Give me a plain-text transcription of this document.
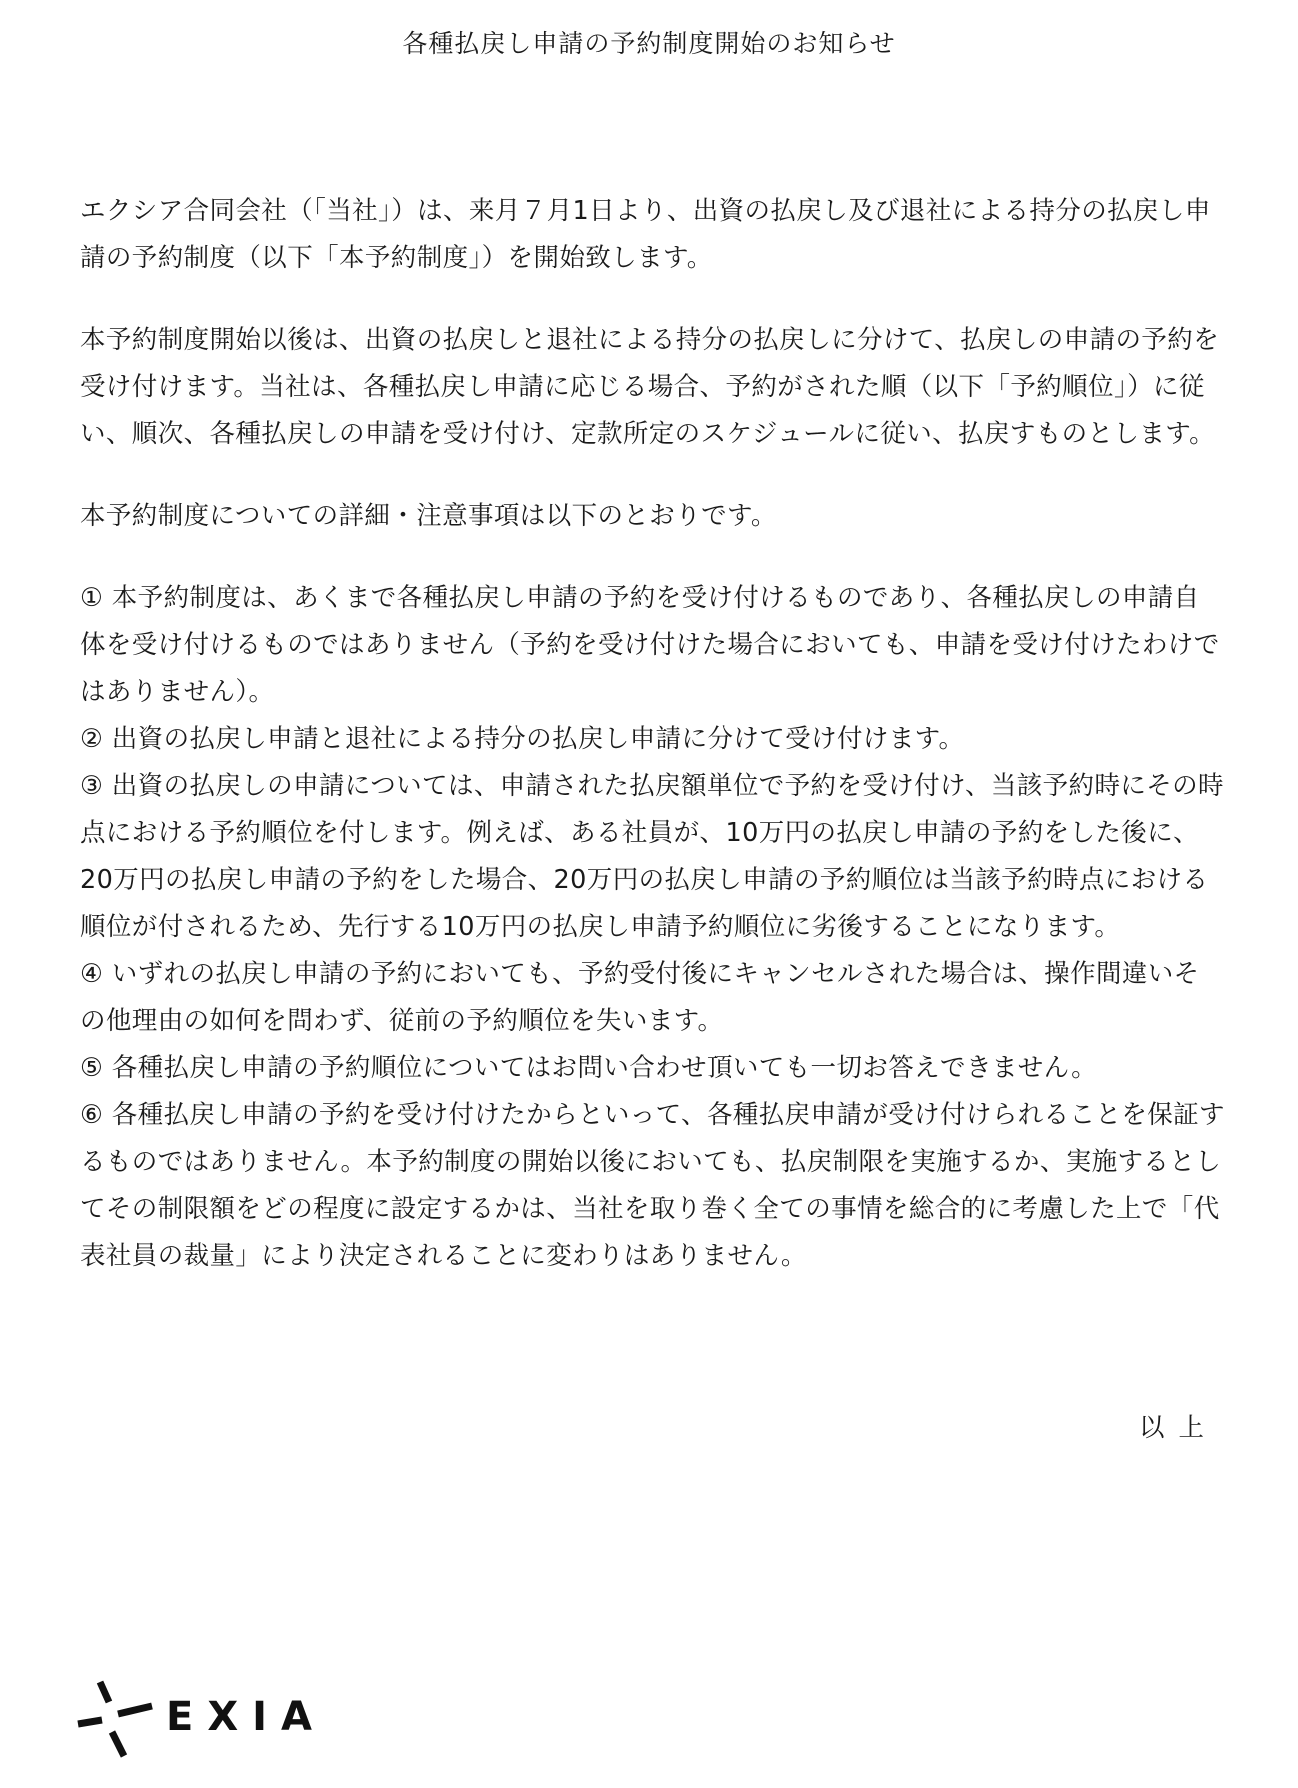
各種払戻し申請の予約制度開始のお知らせ

エクシア合同会社（「当社」）は、来月７月1日より、出資の払戻し及び退社による持分の払戻し申請の予約制度（以下「本予約制度」）を開始致します。

本予約制度開始以後は、出資の払戻しと退社による持分の払戻しに分けて、払戻しの申請の予約を受け付けます。当社は、各種払戻し申請に応じる場合、予約がされた順（以下「予約順位」）に従い、順次、各種払戻しの申請を受け付け、定款所定のスケジュールに従い、払戻すものとします。

本予約制度についての詳細・注意事項は以下のとおりです。

① 本予約制度は、あくまで各種払戻し申請の予約を受け付けるものであり、各種払戻しの申請自体を受け付けるものではありません（予約を受け付けた場合においても、申請を受け付けたわけではありません）。

② 出資の払戻し申請と退社による持分の払戻し申請に分けて受け付けます。

③ 出資の払戻しの申請については、申請された払戻額単位で予約を受け付け、当該予約時にその時点における予約順位を付します。例えば、ある社員が、10万円の払戻し申請の予約をした後に、20万円の払戻し申請の予約をした場合、20万円の払戻し申請の予約順位は当該予約時点における順位が付されるため、先行する10万円の払戻し申請予約順位に劣後することになります。

④ いずれの払戻し申請の予約においても、予約受付後にキャンセルされた場合は、操作間違いその他理由の如何を問わず、従前の予約順位を失います。

⑤ 各種払戻し申請の予約順位についてはお問い合わせ頂いても一切お答えできません。

⑥ 各種払戻し申請の予約を受け付けたからといって、各種払戻申請が受け付けられることを保証するものではありません。本予約制度の開始以後においても、払戻制限を実施するか、実施するとしてその制限額をどの程度に設定するかは、当社を取り巻く全ての事情を総合的に考慮した上で「代表社員の裁量」により決定されることに変わりはありません。

以上
EXIA
